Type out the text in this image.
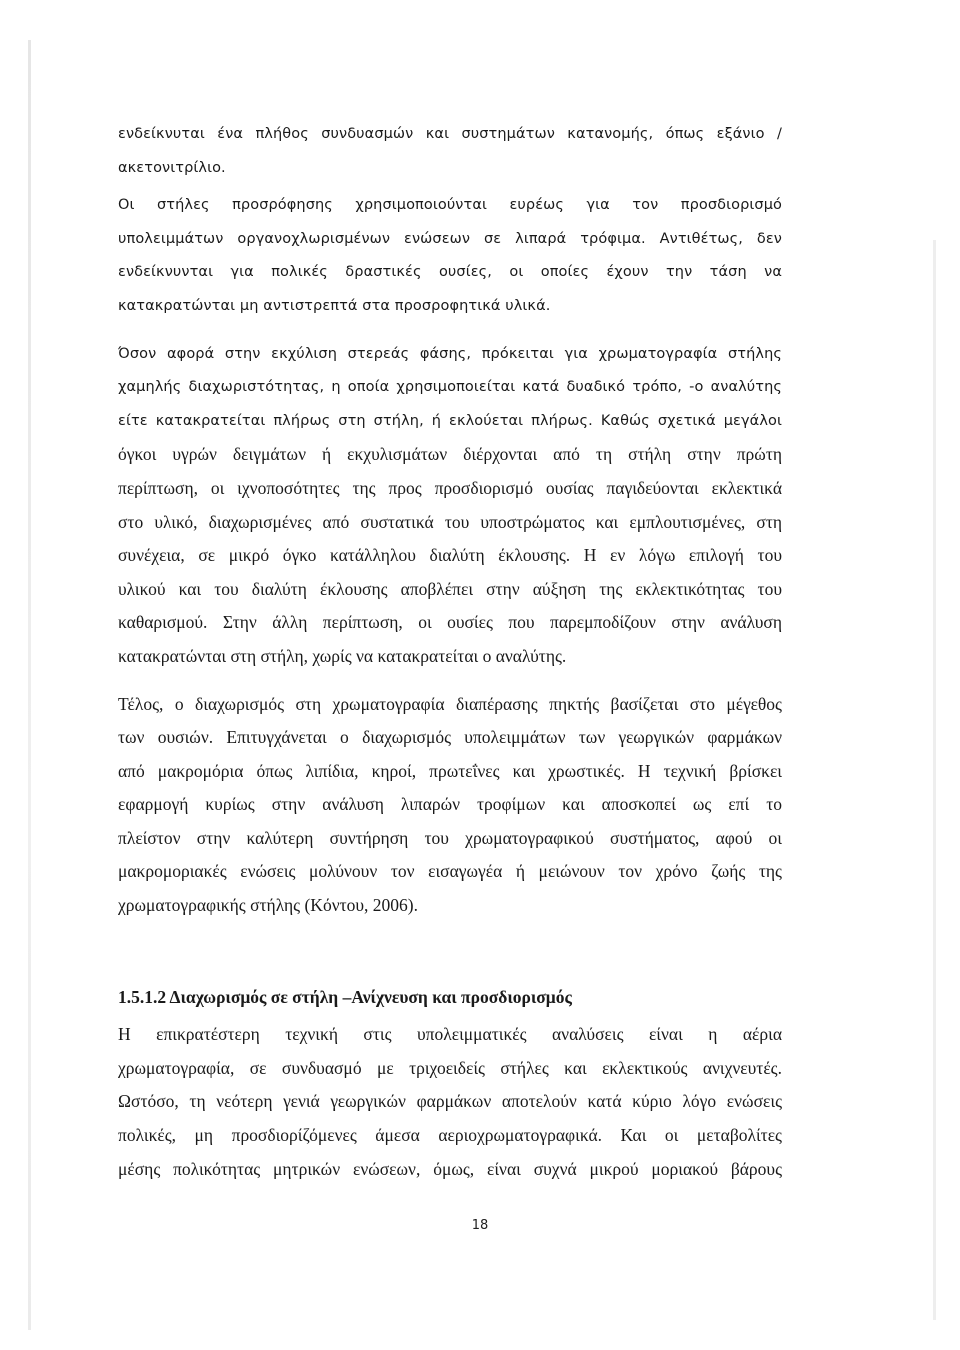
ενδείκνυται ένα πλήθος συνδυασμών και συστημάτων κατανομής, όπως εξάνιο /
ακετονιτρίλιο.

Οι στήλες προσρόφησης χρησιμοποιούνται ευρέως για τον προσδιορισμό
υπολειμμάτων οργανοχλωρισμένων ενώσεων σε λιπαρά τρόφιμα. Αντιθέτως, δεν
ενδείκνυνται για πολικές δραστικές ουσίες, οι οποίες έχουν την τάση να
κατακρατώνται μη αντιστρεπτά στα προσροφητικά υλικά.

Όσον αφορά στην εκχύλιση στερεάς φάσης, πρόκειται για χρωματογραφία στήλης
χαμηλής διαχωριστότητας, η οποία χρησιμοποιείται κατά δυαδικό τρόπο, -ο αναλύτης
είτε κατακρατείται πλήρως στη στήλη, ή εκλούεται πλήρως. Καθώς σχετικά μεγάλοι
όγκοι υγρών δειγμάτων ή εκχυλισμάτων διέρχονται από τη στήλη στην πρώτη
περίπτωση, οι ιχνοποσότητες της προς προσδιορισμό ουσίας παγιδεύονται εκλεκτικά
στο υλικό, διαχωρισμένες από συστατικά του υποστρώματος και εμπλουτισμένες, στη
συνέχεια, σε μικρό όγκο κατάλληλου διαλύτη έκλουσης. Η εν λόγω επιλογή του
υλικού και του διαλύτη έκλουσης αποβλέπει στην αύξηση της εκλεκτικότητας του
καθαρισμού. Στην άλλη περίπτωση, οι ουσίες που παρεμποδίζουν στην ανάλυση
κατακρατώνται στη στήλη, χωρίς να κατακρατείται ο αναλύτης.

Τέλος, ο διαχωρισμός στη χρωματογραφία διαπέρασης πηκτής βασίζεται στο μέγεθος
των ουσιών. Επιτυγχάνεται ο διαχωρισμός υπολειμμάτων των γεωργικών φαρμάκων
από μακρομόρια όπως λιπίδια, κηροί, πρωτεΐνες και χρωστικές. Η τεχνική βρίσκει
εφαρμογή κυρίως στην ανάλυση λιπαρών τροφίμων και αποσκοπεί ως επί το
πλείστον στην καλύτερη συντήρηση του χρωματογραφικού συστήματος, αφού οι
μακρομοριακές ενώσεις μολύνουν τον εισαγωγέα ή μειώνουν τον χρόνο ζωής της
χρωματογραφικής στήλης (Κόντου, 2006).

1.5.1.2 Διαχωρισμός σε στήλη –Ανίχνευση και προσδιορισμός

Η επικρατέστερη τεχνική στις υπολειμματικές αναλύσεις είναι η αέρια
χρωματογραφία, σε συνδυασμό με τριχοειδείς στήλες και εκλεκτικούς ανιχνευτές.
Ωστόσο, τη νεότερη γενιά γεωργικών φαρμάκων αποτελούν κατά κύριο λόγο ενώσεις
πολικές, μη προσδιορίζόμενες άμεσα αεριοχρωματογραφικά. Και οι μεταβολίτες
μέσης πολικότητας μητρικών ενώσεων, όμως, είναι συχνά μικρού μοριακού βάρους

18
